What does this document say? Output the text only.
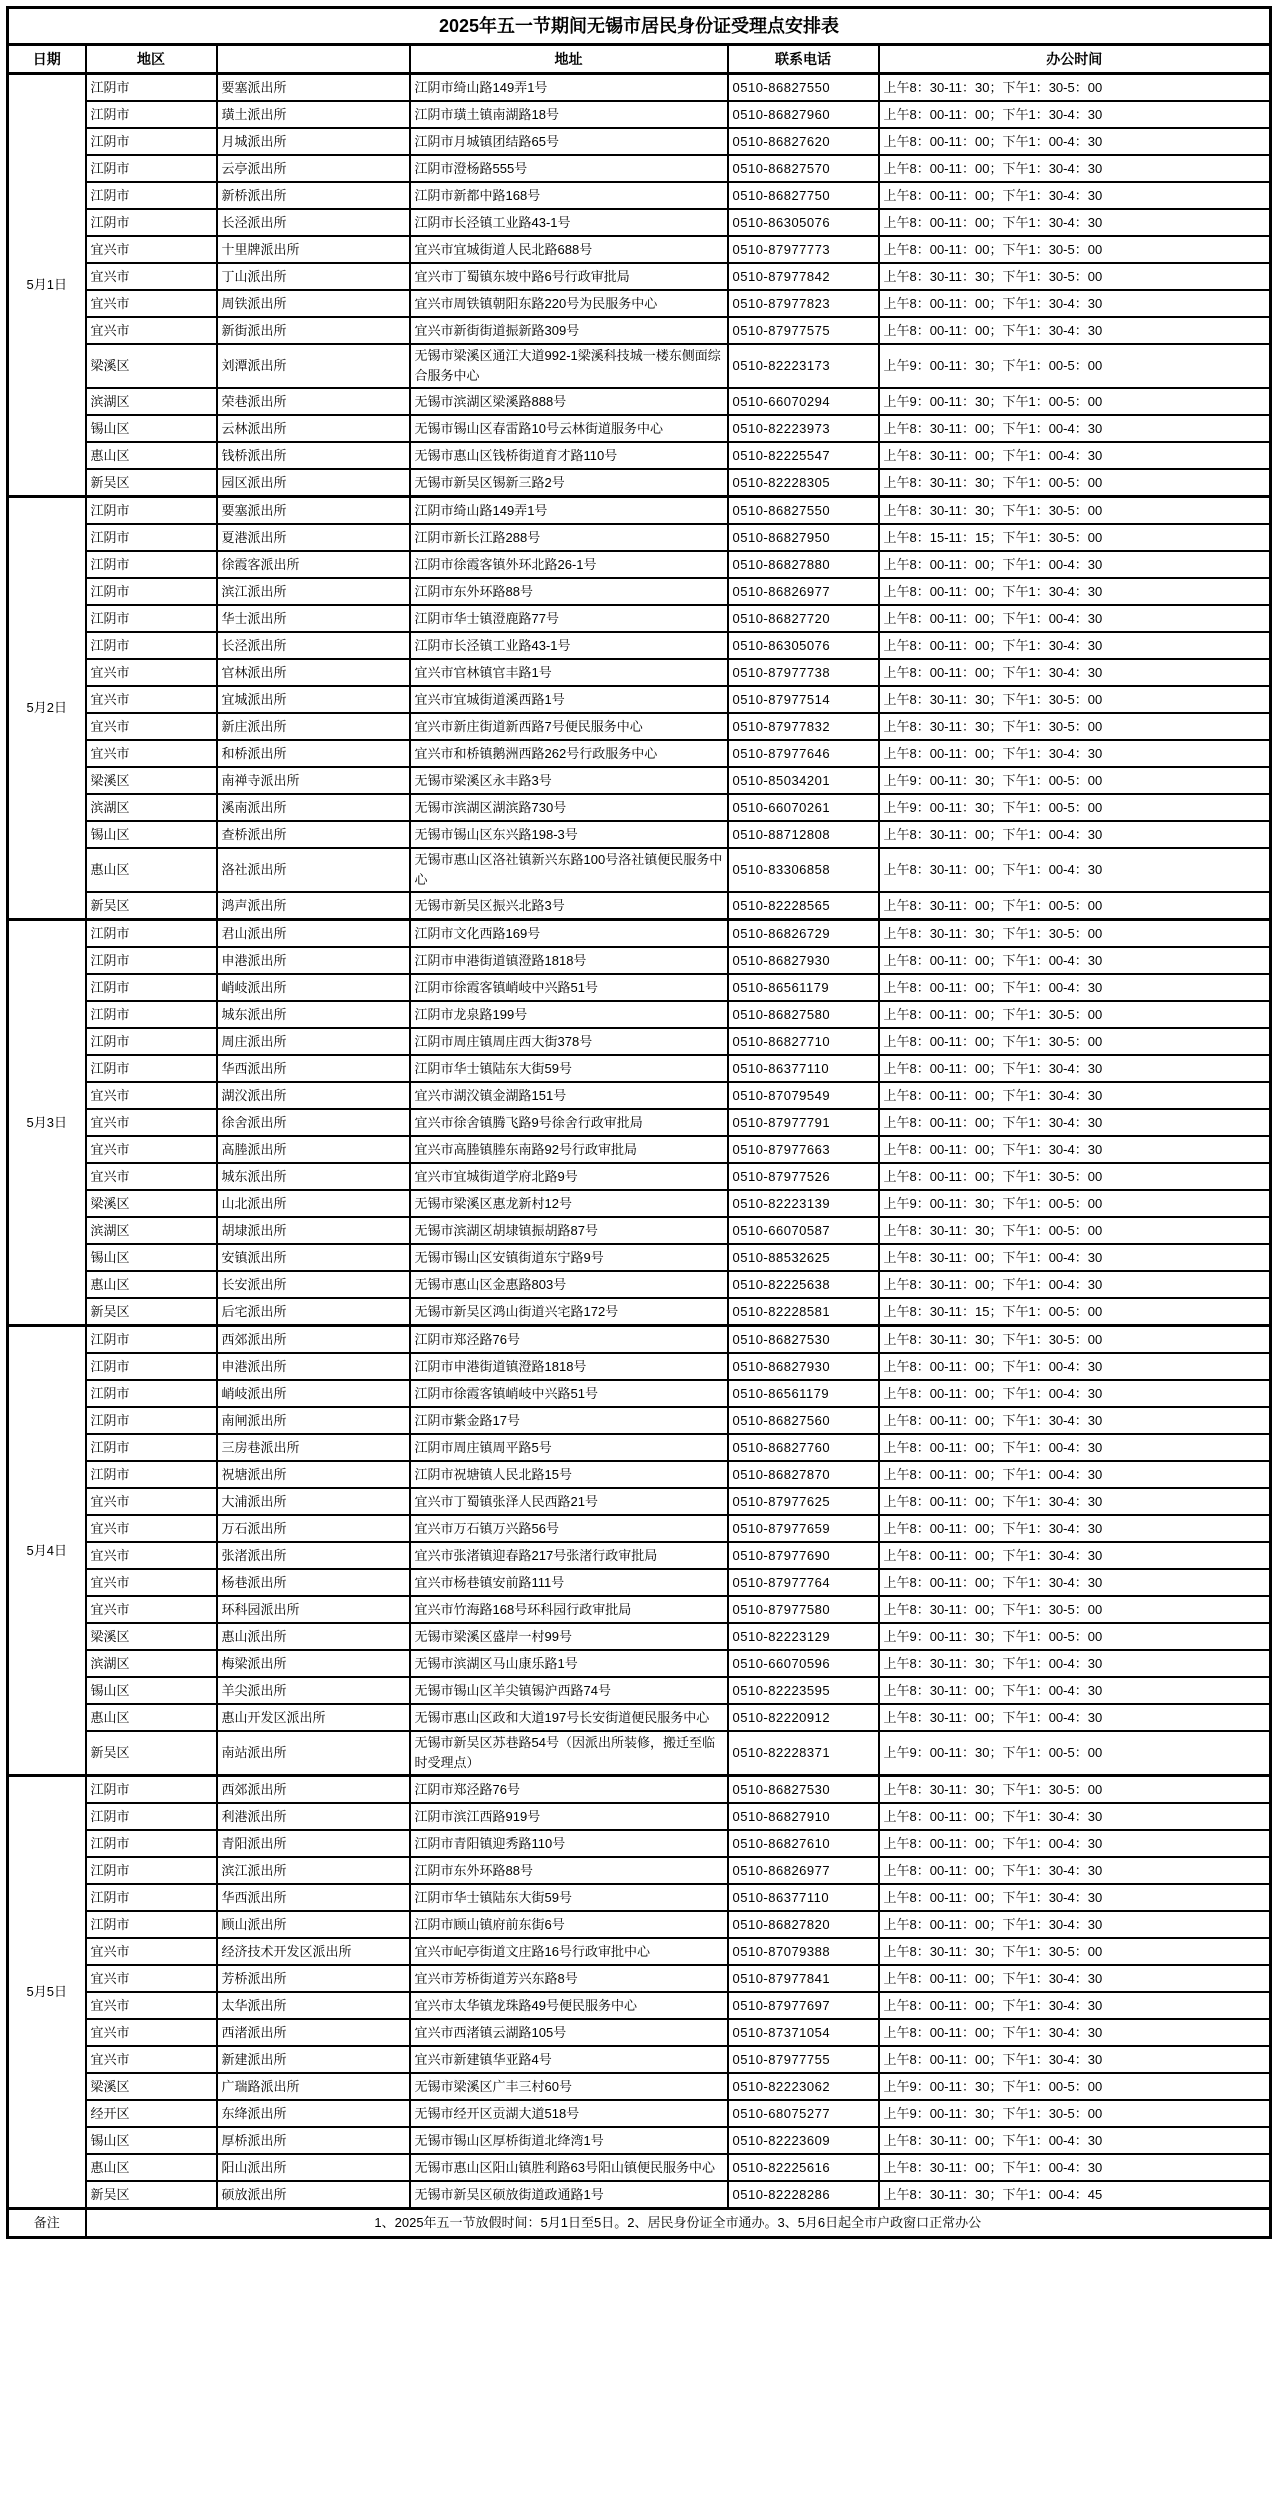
2025年五一节期间无锡市居民身份证受理点安排表					
日期	地区		地址	联系电话	办公时间
5月1日	江阴市	要塞派出所	江阴市绮山路149弄1号	0510-86827550	上午8：30-11：30；下午1：30-5：00
	江阴市	璜土派出所	江阴市璜土镇南湖路18号	0510-86827960	上午8：00-11：00；下午1：30-4：30
	江阴市	月城派出所	江阴市月城镇团结路65号	0510-86827620	上午8：00-11：00；下午1：00-4：30
	江阴市	云亭派出所	江阴市澄杨路555号	0510-86827570	上午8：00-11：00；下午1：30-4：30
	江阴市	新桥派出所	江阴市新都中路168号	0510-86827750	上午8：00-11：00；下午1：30-4：30
	江阴市	长泾派出所	江阴市长泾镇工业路43-1号	0510-86305076	上午8：00-11：00；下午1：30-4：30
	宜兴市	十里牌派出所	宜兴市宜城街道人民北路688号	0510-87977773	上午8：00-11：00；下午1：30-5：00
	宜兴市	丁山派出所	宜兴市丁蜀镇东坡中路6号行政审批局	0510-87977842	上午8：30-11：30；下午1：30-5：00
	宜兴市	周铁派出所	宜兴市周铁镇朝阳东路220号为民服务中心	0510-87977823	上午8：00-11：00；下午1：30-4：30
	宜兴市	新街派出所	宜兴市新街街道振新路309号	0510-87977575	上午8：00-11：00；下午1：30-4：30
	梁溪区	刘潭派出所	无锡市梁溪区通江大道992-1梁溪科技城一楼东侧面综合服务中心	0510-82223173	上午9：00-11：30；下午1：00-5：00
	滨湖区	荣巷派出所	无锡市滨湖区梁溪路888号	0510-66070294	上午9：00-11：30；下午1：00-5：00
	锡山区	云林派出所	无锡市锡山区春雷路10号云林街道服务中心	0510-82223973	上午8：30-11：00；下午1：00-4：30
	惠山区	钱桥派出所	无锡市惠山区钱桥街道育才路110号	0510-82225547	上午8：30-11：00；下午1：00-4：30
	新吴区	园区派出所	无锡市新吴区锡新三路2号	0510-82228305	上午8：30-11：30；下午1：00-5：00
5月2日	江阴市	要塞派出所	江阴市绮山路149弄1号	0510-86827550	上午8：30-11：30；下午1：30-5：00
	江阴市	夏港派出所	江阴市新长江路288号	0510-86827950	上午8：15-11：15；下午1：30-5：00
	江阴市	徐霞客派出所	江阴市徐霞客镇外环北路26-1号	0510-86827880	上午8：00-11：00；下午1：00-4：30
	江阴市	滨江派出所	江阴市东外环路88号	0510-86826977	上午8：00-11：00；下午1：30-4：30
	江阴市	华士派出所	江阴市华士镇澄鹿路77号	0510-86827720	上午8：00-11：00；下午1：00-4：30
	江阴市	长泾派出所	江阴市长泾镇工业路43-1号	0510-86305076	上午8：00-11：00；下午1：30-4：30
	宜兴市	官林派出所	宜兴市官林镇官丰路1号	0510-87977738	上午8：00-11：00；下午1：30-4：30
	宜兴市	宜城派出所	宜兴市宜城街道溪西路1号	0510-87977514	上午8：30-11：30；下午1：30-5：00
	宜兴市	新庄派出所	宜兴市新庄街道新西路7号便民服务中心	0510-87977832	上午8：30-11：30；下午1：30-5：00
	宜兴市	和桥派出所	宜兴市和桥镇鹅洲西路262号行政服务中心	0510-87977646	上午8：00-11：00；下午1：30-4：30
	梁溪区	南禅寺派出所	无锡市梁溪区永丰路3号	0510-85034201	上午9：00-11：30；下午1：00-5：00
	滨湖区	溪南派出所	无锡市滨湖区湖滨路730号	0510-66070261	上午9：00-11：30；下午1：00-5：00
	锡山区	查桥派出所	无锡市锡山区东兴路198-3号	0510-88712808	上午8：30-11：00；下午1：00-4：30
	惠山区	洛社派出所	无锡市惠山区洛社镇新兴东路100号洛社镇便民服务中心	0510-83306858	上午8：30-11：00；下午1：00-4：30
	新吴区	鸿声派出所	无锡市新吴区振兴北路3号	0510-82228565	上午8：30-11：00；下午1：00-5：00
5月3日	江阴市	君山派出所	江阴市文化西路169号	0510-86826729	上午8：30-11：30；下午1：30-5：00
	江阴市	申港派出所	江阴市申港街道镇澄路1818号	0510-86827930	上午8：00-11：00；下午1：00-4：30
	江阴市	峭岐派出所	江阴市徐霞客镇峭岐中兴路51号	0510-86561179	上午8：00-11：00；下午1：00-4：30
	江阴市	城东派出所	江阴市龙泉路199号	0510-86827580	上午8：00-11：00；下午1：30-5：00
	江阴市	周庄派出所	江阴市周庄镇周庄西大街378号	0510-86827710	上午8：00-11：00；下午1：30-5：00
	江阴市	华西派出所	江阴市华士镇陆东大街59号	0510-86377110	上午8：00-11：00；下午1：30-4：30
	宜兴市	湖㳇派出所	宜兴市湖㳇镇金湖路151号	0510-87079549	上午8：00-11：00；下午1：30-4：30
	宜兴市	徐舍派出所	宜兴市徐舍镇腾飞路9号徐舍行政审批局	0510-87977791	上午8：00-11：00；下午1：30-4：30
	宜兴市	高塍派出所	宜兴市高塍镇塍东南路92号行政审批局	0510-87977663	上午8：00-11：00；下午1：30-4：30
	宜兴市	城东派出所	宜兴市宜城街道学府北路9号	0510-87977526	上午8：00-11：00；下午1：30-5：00
	梁溪区	山北派出所	无锡市梁溪区惠龙新村12号	0510-82223139	上午9：00-11：30；下午1：00-5：00
	滨湖区	胡埭派出所	无锡市滨湖区胡埭镇振胡路87号	0510-66070587	上午8：30-11：30；下午1：00-5：00
	锡山区	安镇派出所	无锡市锡山区安镇街道东宁路9号	0510-88532625	上午8：30-11：00；下午1：00-4：30
	惠山区	长安派出所	无锡市惠山区金惠路803号	0510-82225638	上午8：30-11：00；下午1：00-4：30
	新吴区	后宅派出所	无锡市新吴区鸿山街道兴宅路172号	0510-82228581	上午8：30-11：15；下午1：00-5：00
5月4日	江阴市	西郊派出所	江阴市郑泾路76号	0510-86827530	上午8：30-11：30；下午1：30-5：00
	江阴市	申港派出所	江阴市申港街道镇澄路1818号	0510-86827930	上午8：00-11：00；下午1：00-4：30
	江阴市	峭岐派出所	江阴市徐霞客镇峭岐中兴路51号	0510-86561179	上午8：00-11：00；下午1：00-4：30
	江阴市	南闸派出所	江阴市紫金路17号	0510-86827560	上午8：00-11：00；下午1：30-4：30
	江阴市	三房巷派出所	江阴市周庄镇周平路5号	0510-86827760	上午8：00-11：00；下午1：00-4：30
	江阴市	祝塘派出所	江阴市祝塘镇人民北路15号	0510-86827870	上午8：00-11：00；下午1：00-4：30
	宜兴市	大浦派出所	宜兴市丁蜀镇张泽人民西路21号	0510-87977625	上午8：00-11：00；下午1：30-4：30
	宜兴市	万石派出所	宜兴市万石镇万兴路56号	0510-87977659	上午8：00-11：00；下午1：30-4：30
	宜兴市	张渚派出所	宜兴市张渚镇迎春路217号张渚行政审批局	0510-87977690	上午8：00-11：00；下午1：30-4：30
	宜兴市	杨巷派出所	宜兴市杨巷镇安前路111号	0510-87977764	上午8：00-11：00；下午1：30-4：30
	宜兴市	环科园派出所	宜兴市竹海路168号环科园行政审批局	0510-87977580	上午8：30-11：00；下午1：30-5：00
	梁溪区	惠山派出所	无锡市梁溪区盛岸一村99号	0510-82223129	上午9：00-11：30；下午1：00-5：00
	滨湖区	梅梁派出所	无锡市滨湖区马山康乐路1号	0510-66070596	上午8：30-11：30；下午1：00-4：30
	锡山区	羊尖派出所	无锡市锡山区羊尖镇锡沪西路74号	0510-82223595	上午8：30-11：00；下午1：00-4：30
	惠山区	惠山开发区派出所	无锡市惠山区政和大道197号长安街道便民服务中心	0510-82220912	上午8：30-11：00；下午1：00-4：30
	新吴区	南站派出所	无锡市新吴区苏巷路54号（因派出所装修，搬迁至临时受理点）	0510-82228371	上午9：00-11：30；下午1：00-5：00
5月5日	江阴市	西郊派出所	江阴市郑泾路76号	0510-86827530	上午8：30-11：30；下午1：30-5：00
	江阴市	利港派出所	江阴市滨江西路919号	0510-86827910	上午8：00-11：00；下午1：30-4：30
	江阴市	青阳派出所	江阴市青阳镇迎秀路110号	0510-86827610	上午8：00-11：00；下午1：00-4：30
	江阴市	滨江派出所	江阴市东外环路88号	0510-86826977	上午8：00-11：00；下午1：30-4：30
	江阴市	华西派出所	江阴市华士镇陆东大街59号	0510-86377110	上午8：00-11：00；下午1：30-4：30
	江阴市	顾山派出所	江阴市顾山镇府前东街6号	0510-86827820	上午8：00-11：00；下午1：30-4：30
	宜兴市	经济技术开发区派出所	宜兴市屺亭街道文庄路16号行政审批中心	0510-87079388	上午8：30-11：30；下午1：30-5：00
	宜兴市	芳桥派出所	宜兴市芳桥街道芳兴东路8号	0510-87977841	上午8：00-11：00；下午1：30-4：30
	宜兴市	太华派出所	宜兴市太华镇龙珠路49号便民服务中心	0510-87977697	上午8：00-11：00；下午1：30-4：30
	宜兴市	西渚派出所	宜兴市西渚镇云湖路105号	0510-87371054	上午8：00-11：00；下午1：30-4：30
	宜兴市	新建派出所	宜兴市新建镇华亚路4号	0510-87977755	上午8：00-11：00；下午1：30-4：30
	梁溪区	广瑞路派出所	无锡市梁溪区广丰三村60号	0510-82223062	上午9：00-11：30；下午1：00-5：00
	经开区	东绛派出所	无锡市经开区贡湖大道518号	0510-68075277	上午9：00-11：30；下午1：30-5：00
	锡山区	厚桥派出所	无锡市锡山区厚桥街道北绛湾1号	0510-82223609	上午8：30-11：00；下午1：00-4：30
	惠山区	阳山派出所	无锡市惠山区阳山镇胜利路63号阳山镇便民服务中心	0510-82225616	上午8：30-11：00；下午1：00-4：30
	新吴区	硕放派出所	无锡市新吴区硕放街道政通路1号	0510-82228286	上午8：30-11：30；下午1：00-4：45
备注	1、2025年五一节放假时间：5月1日至5日。2、居民身份证全市通办。3、5月6日起全市户政窗口正常办公				
